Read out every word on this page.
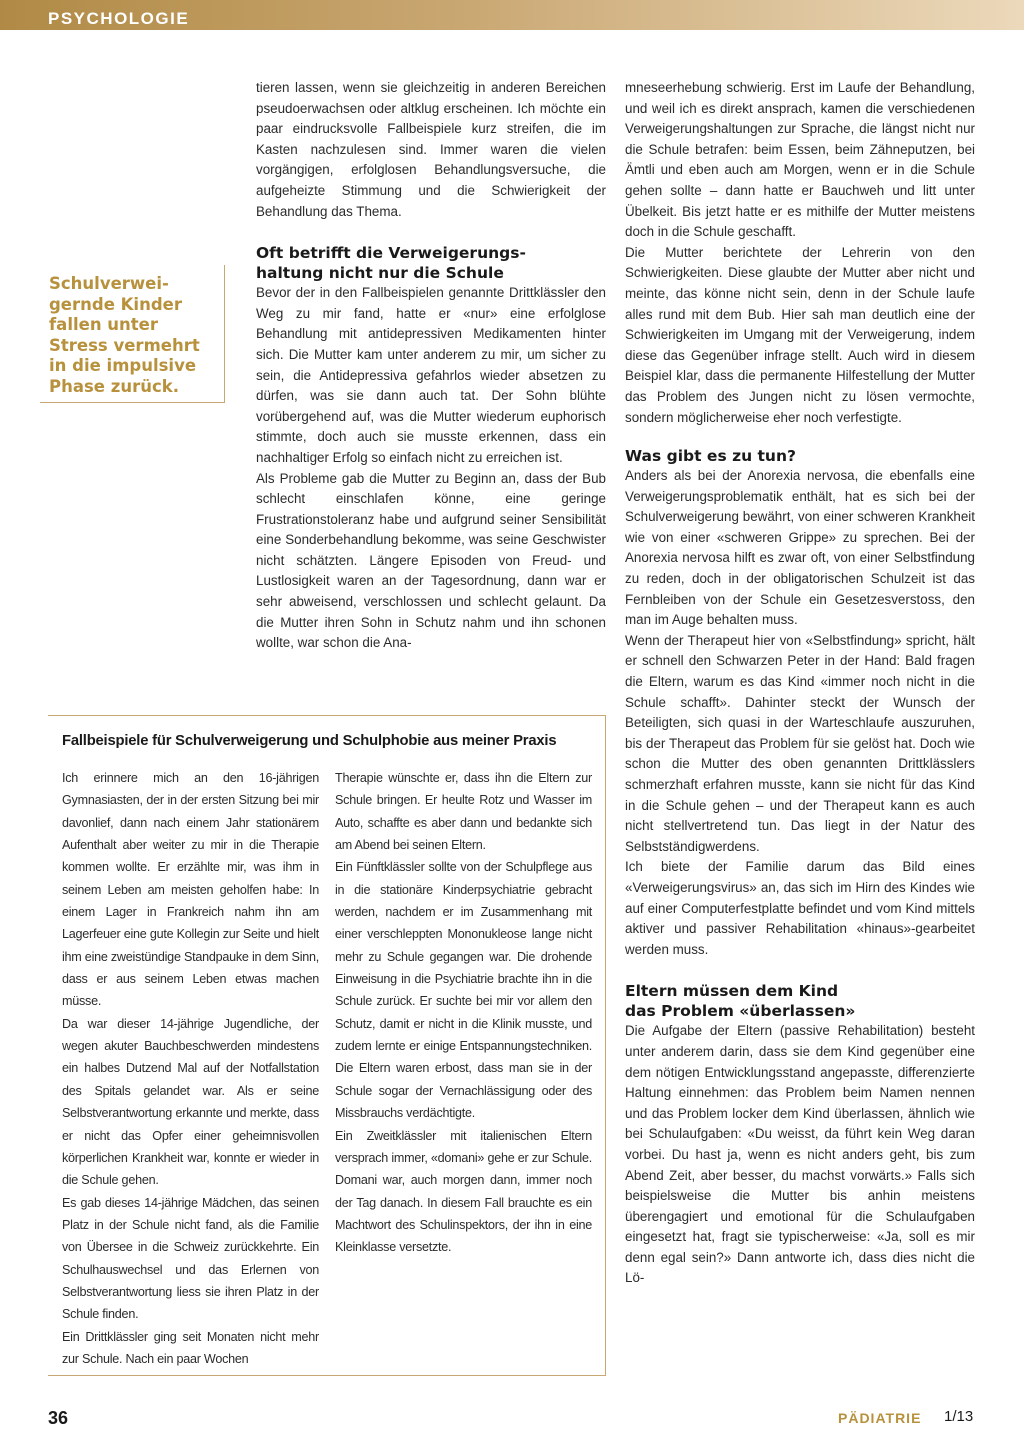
PSYCHOLOGIE
Schulverwei-
gernde Kinder
fallen unter
Stress vermehrt
in die impulsive
Phase zurück.

tieren lassen, wenn sie gleichzeitig in anderen Bereichen pseudoerwachsen oder altklug erscheinen. Ich möchte ein paar eindrucksvolle Fallbeispiele kurz streifen, die im Kasten nachzulesen sind. Immer waren die vielen vorgängigen, erfolglosen Behandlungsversuche, die aufgeheizte Stimmung und die Schwierigkeit der Behandlung das Thema.

Oft betrifft die Verweigerungs-
haltung nicht nur die Schule

Bevor der in den Fallbeispielen genannte Drittklässler den Weg zu mir fand, hatte er «nur» eine erfolglose Behandlung mit antidepressiven Medikamenten hinter sich. Die Mutter kam unter anderem zu mir, um sicher zu sein, die Antidepressiva gefahrlos wieder absetzen zu dürfen, was sie dann auch tat. Der Sohn blühte vorübergehend auf, was die Mutter wiederum euphorisch stimmte, doch auch sie musste erkennen, dass ein nachhaltiger Erfolg so einfach nicht zu erreichen ist.

Als Probleme gab die Mutter zu Beginn an, dass der Bub schlecht einschlafen könne, eine geringe Frustrationstoleranz habe und aufgrund seiner Sensibilität eine Sonderbehandlung bekomme, was seine Geschwister nicht schätzten. Längere Episoden von Freud- und Lustlosigkeit waren an der Tagesordnung, dann war er sehr abweisend, verschlossen und schlecht gelaunt. Da die Mutter ihren Sohn in Schutz nahm und ihn schonen wollte, war schon die Ana-

mneseerhebung schwierig. Erst im Laufe der Behandlung, und weil ich es direkt ansprach, kamen die verschiedenen Verweigerungshaltungen zur Sprache, die längst nicht nur die Schule betrafen: beim Essen, beim Zähneputzen, bei Ämtli und eben auch am Morgen, wenn er in die Schule gehen sollte – dann hatte er Bauchweh und litt unter Übelkeit. Bis jetzt hatte er es mithilfe der Mutter meistens doch in die Schule geschafft.

Die Mutter berichtete der Lehrerin von den Schwierigkeiten. Diese glaubte der Mutter aber nicht und meinte, das könne nicht sein, denn in der Schule laufe alles rund mit dem Bub. Hier sah man deutlich eine der Schwierigkeiten im Umgang mit der Verweigerung, indem diese das Gegenüber infrage stellt. Auch wird in diesem Beispiel klar, dass die permanente Hilfestellung der Mutter das Problem des Jungen nicht zu lösen vermochte, sondern möglicherweise eher noch verfestigte.

Was gibt es zu tun?

Anders als bei der Anorexia nervosa, die ebenfalls eine Verweigerungsproblematik enthält, hat es sich bei der Schulverweigerung bewährt, von einer schweren Krankheit wie von einer «schweren Grippe» zu sprechen. Bei der Anorexia nervosa hilft es zwar oft, von einer Selbstfindung zu reden, doch in der obligatorischen Schulzeit ist das Fernbleiben von der Schule ein Gesetzesverstoss, den man im Auge behalten muss.

Wenn der Therapeut hier von «Selbstfindung» spricht, hält er schnell den Schwarzen Peter in der Hand: Bald fragen die Eltern, warum es das Kind «immer noch nicht in die Schule schafft». Dahinter steckt der Wunsch der Beteiligten, sich quasi in der Warteschlaufe auszuruhen, bis der Therapeut das Problem für sie gelöst hat. Doch wie schon die Mutter des oben genannten Drittklässlers schmerzhaft erfahren musste, kann sie nicht für das Kind in die Schule gehen – und der Therapeut kann es auch nicht stellvertretend tun. Das liegt in der Natur des Selbstständigwerdens.

Ich biete der Familie darum das Bild eines «Verweigerungsvirus» an, das sich im Hirn des Kindes wie auf einer Computerfestplatte befindet und vom Kind mittels aktiver und passiver Rehabilitation «hinaus»-gearbeitet werden muss.

Eltern müssen dem Kind
das Problem «überlassen»

Die Aufgabe der Eltern (passive Rehabilitation) besteht unter anderem darin, dass sie dem Kind gegenüber eine dem nötigen Entwicklungsstand angepasste, differenzierte Haltung einnehmen: das Problem beim Namen nennen und das Problem locker dem Kind überlassen, ähnlich wie bei Schulaufgaben: «Du weisst, da führt kein Weg daran vorbei. Du hast ja, wenn es nicht anders geht, bis zum Abend Zeit, aber besser, du machst vorwärts.» Falls sich beispielsweise die Mutter bis anhin meistens überengagiert und emotional für die Schulaufgaben eingesetzt hat, fragt sie typischerweise: «Ja, soll es mir denn egal sein?» Dann antworte ich, dass dies nicht die Lö-

Fallbeispiele für Schulverweigerung und Schulphobie aus meiner Praxis

Ich erinnere mich an den 16-jährigen Gymnasiasten, der in der ersten Sitzung bei mir davonlief, dann nach einem Jahr stationärem Aufenthalt aber weiter zu mir in die Therapie kommen wollte. Er erzählte mir, was ihm in seinem Leben am meisten geholfen habe: In einem Lager in Frankreich nahm ihn am Lagerfeuer eine gute Kollegin zur Seite und hielt ihm eine zweistündige Standpauke in dem Sinn, dass er aus seinem Leben etwas machen müsse.

Da war dieser 14-jährige Jugendliche, der wegen akuter Bauchbeschwerden mindestens ein halbes Dutzend Mal auf der Notfallstation des Spitals gelandet war. Als er seine Selbstverantwortung erkannte und merkte, dass er nicht das Opfer einer geheimnisvollen körperlichen Krankheit war, konnte er wieder in die Schule gehen.

Es gab dieses 14-jährige Mädchen, das seinen Platz in der Schule nicht fand, als die Familie von Übersee in die Schweiz zurückkehrte. Ein Schulhauswechsel und das Erlernen von Selbstverantwortung liess sie ihren Platz in der Schule finden.

Ein Drittklässler ging seit Monaten nicht mehr zur Schule. Nach ein paar Wochen

Therapie wünschte er, dass ihn die Eltern zur Schule bringen. Er heulte Rotz und Wasser im Auto, schaffte es aber dann und bedankte sich am Abend bei seinen Eltern.

Ein Fünftklässler sollte von der Schulpflege aus in die stationäre Kinderpsychiatrie gebracht werden, nachdem er im Zusammenhang mit einer verschleppten Mononukleose lange nicht mehr zu Schule gegangen war. Die drohende Einweisung in die Psychiatrie brachte ihn in die Schule zurück. Er suchte bei mir vor allem den Schutz, damit er nicht in die Klinik musste, und zudem lernte er einige Entspannungstechniken. Die Eltern waren erbost, dass man sie in der Schule sogar der Vernachlässigung oder des Missbrauchs verdächtigte.

Ein Zweitklässler mit italienischen Eltern versprach immer, «domani» gehe er zur Schule. Domani war, auch morgen dann, immer noch der Tag danach. In diesem Fall brauchte es ein Machtwort des Schulinspektors, der ihn in eine Kleinklasse versetzte.

36	PÄDIATRIE 1/13
